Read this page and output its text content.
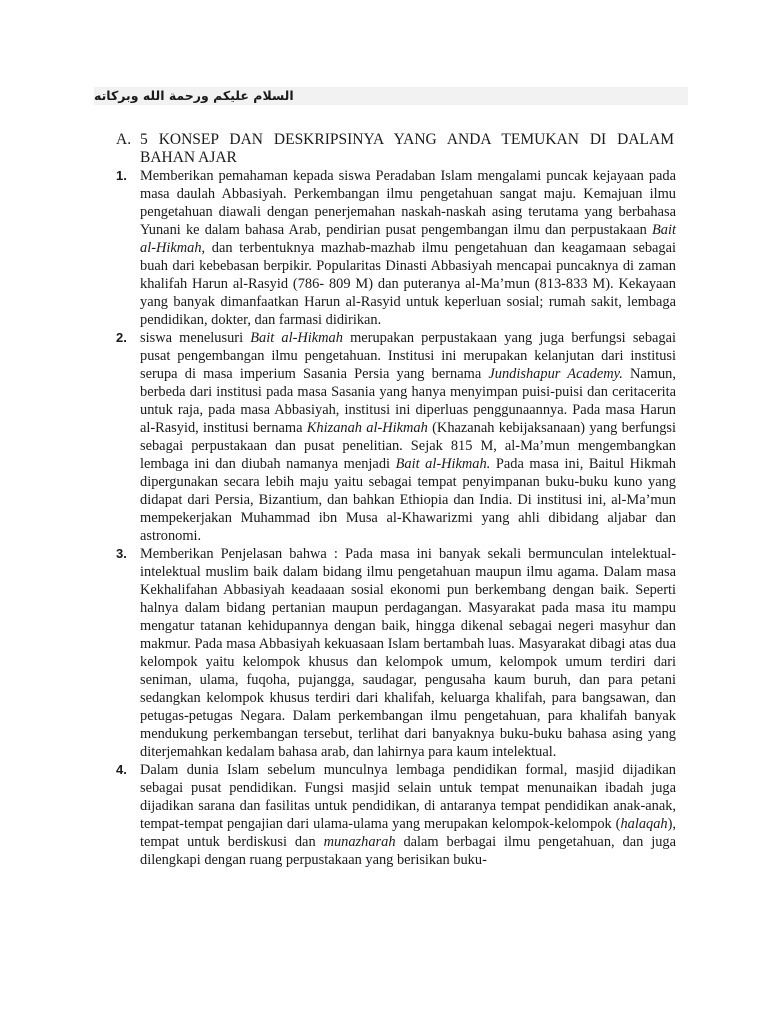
السلام عليكم ورحمة الله وبركاته
A. 5 KONSEP DAN DESKRIPSINYA YANG ANDA TEMUKAN DI DALAM BAHAN AJAR
1. Memberikan pemahaman kepada siswa Peradaban Islam mengalami puncak kejayaan pada masa daulah Abbasiyah. Perkembangan ilmu pengetahuan sangat maju. Kemajuan ilmu pengetahuan diawali dengan penerjemahan naskah-naskah asing terutama yang berbahasa Yunani ke dalam bahasa Arab, pendirian pusat pengembangan ilmu dan perpustakaan Bait al-Hikmah, dan terbentuknya mazhab-mazhab ilmu pengetahuan dan keagamaan sebagai buah dari kebebasan berpikir. Popularitas Dinasti Abbasiyah mencapai puncaknya di zaman khalifah Harun al-Rasyid (786- 809 M) dan puteranya al-Ma’mun (813-833 M). Kekayaan yang banyak dimanfaatkan Harun al-Rasyid untuk keperluan sosial; rumah sakit, lembaga pendidikan, dokter, dan farmasi didirikan.
2. siswa menelusuri Bait al-Hikmah merupakan perpustakaan yang juga berfungsi sebagai pusat pengembangan ilmu pengetahuan. Institusi ini merupakan kelanjutan dari institusi serupa di masa imperium Sasania Persia yang bernama Jundishapur Academy. Namun, berbeda dari institusi pada masa Sasania yang hanya menyimpan puisi-puisi dan ceritacerita untuk raja, pada masa Abbasiyah, institusi ini diperluas penggunaannya. Pada masa Harun al-Rasyid, institusi bernama Khizanah al-Hikmah (Khazanah kebijaksanaan) yang berfungsi sebagai perpustakaan dan pusat penelitian. Sejak 815 M, al-Ma’mun mengembangkan lembaga ini dan diubah namanya menjadi Bait al-Hikmah. Pada masa ini, Baitul Hikmah dipergunakan secara lebih maju yaitu sebagai tempat penyimpanan buku-buku kuno yang didapat dari Persia, Bizantium, dan bahkan Ethiopia dan India. Di institusi ini, al-Ma’mun mempekerjakan Muhammad ibn Musa al-Khawarizmi yang ahli dibidang aljabar dan astronomi.
3. Memberikan Penjelasan bahwa : Pada masa ini banyak sekali bermunculan intelektual-intelektual muslim baik dalam bidang ilmu pengetahuan maupun ilmu agama. Dalam masa Kekhalifahan Abbasiyah keadaaan sosial ekonomi pun berkembang dengan baik. Seperti halnya dalam bidang pertanian maupun perdagangan. Masyarakat pada masa itu mampu mengatur tatanan kehidupannya dengan baik, hingga dikenal sebagai negeri masyhur dan makmur. Pada masa Abbasiyah kekuasaan Islam bertambah luas. Masyarakat dibagi atas dua kelompok yaitu kelompok khusus dan kelompok umum, kelompok umum terdiri dari seniman, ulama, fuqoha, pujangga, saudagar, pengusaha kaum buruh, dan para petani sedangkan kelompok khusus terdiri dari khalifah, keluarga khalifah, para bangsawan, dan petugas-petugas Negara. Dalam perkembangan ilmu pengetahuan, para khalifah banyak mendukung perkembangan tersebut, terlihat dari banyaknya buku-buku bahasa asing yang diterjemahkan kedalam bahasa arab, dan lahirnya para kaum intelektual.
4. Dalam dunia Islam sebelum munculnya lembaga pendidikan formal, masjid dijadikan sebagai pusat pendidikan. Fungsi masjid selain untuk tempat menunaikan ibadah juga dijadikan sarana dan fasilitas untuk pendidikan, di antaranya tempat pendidikan anak-anak, tempat-tempat pengajian dari ulama-ulama yang merupakan kelompok-kelompok (halaqah), tempat untuk berdiskusi dan munazharah dalam berbagai ilmu pengetahuan, dan juga dilengkapi dengan ruang perpustakaan yang berisikan buku-
